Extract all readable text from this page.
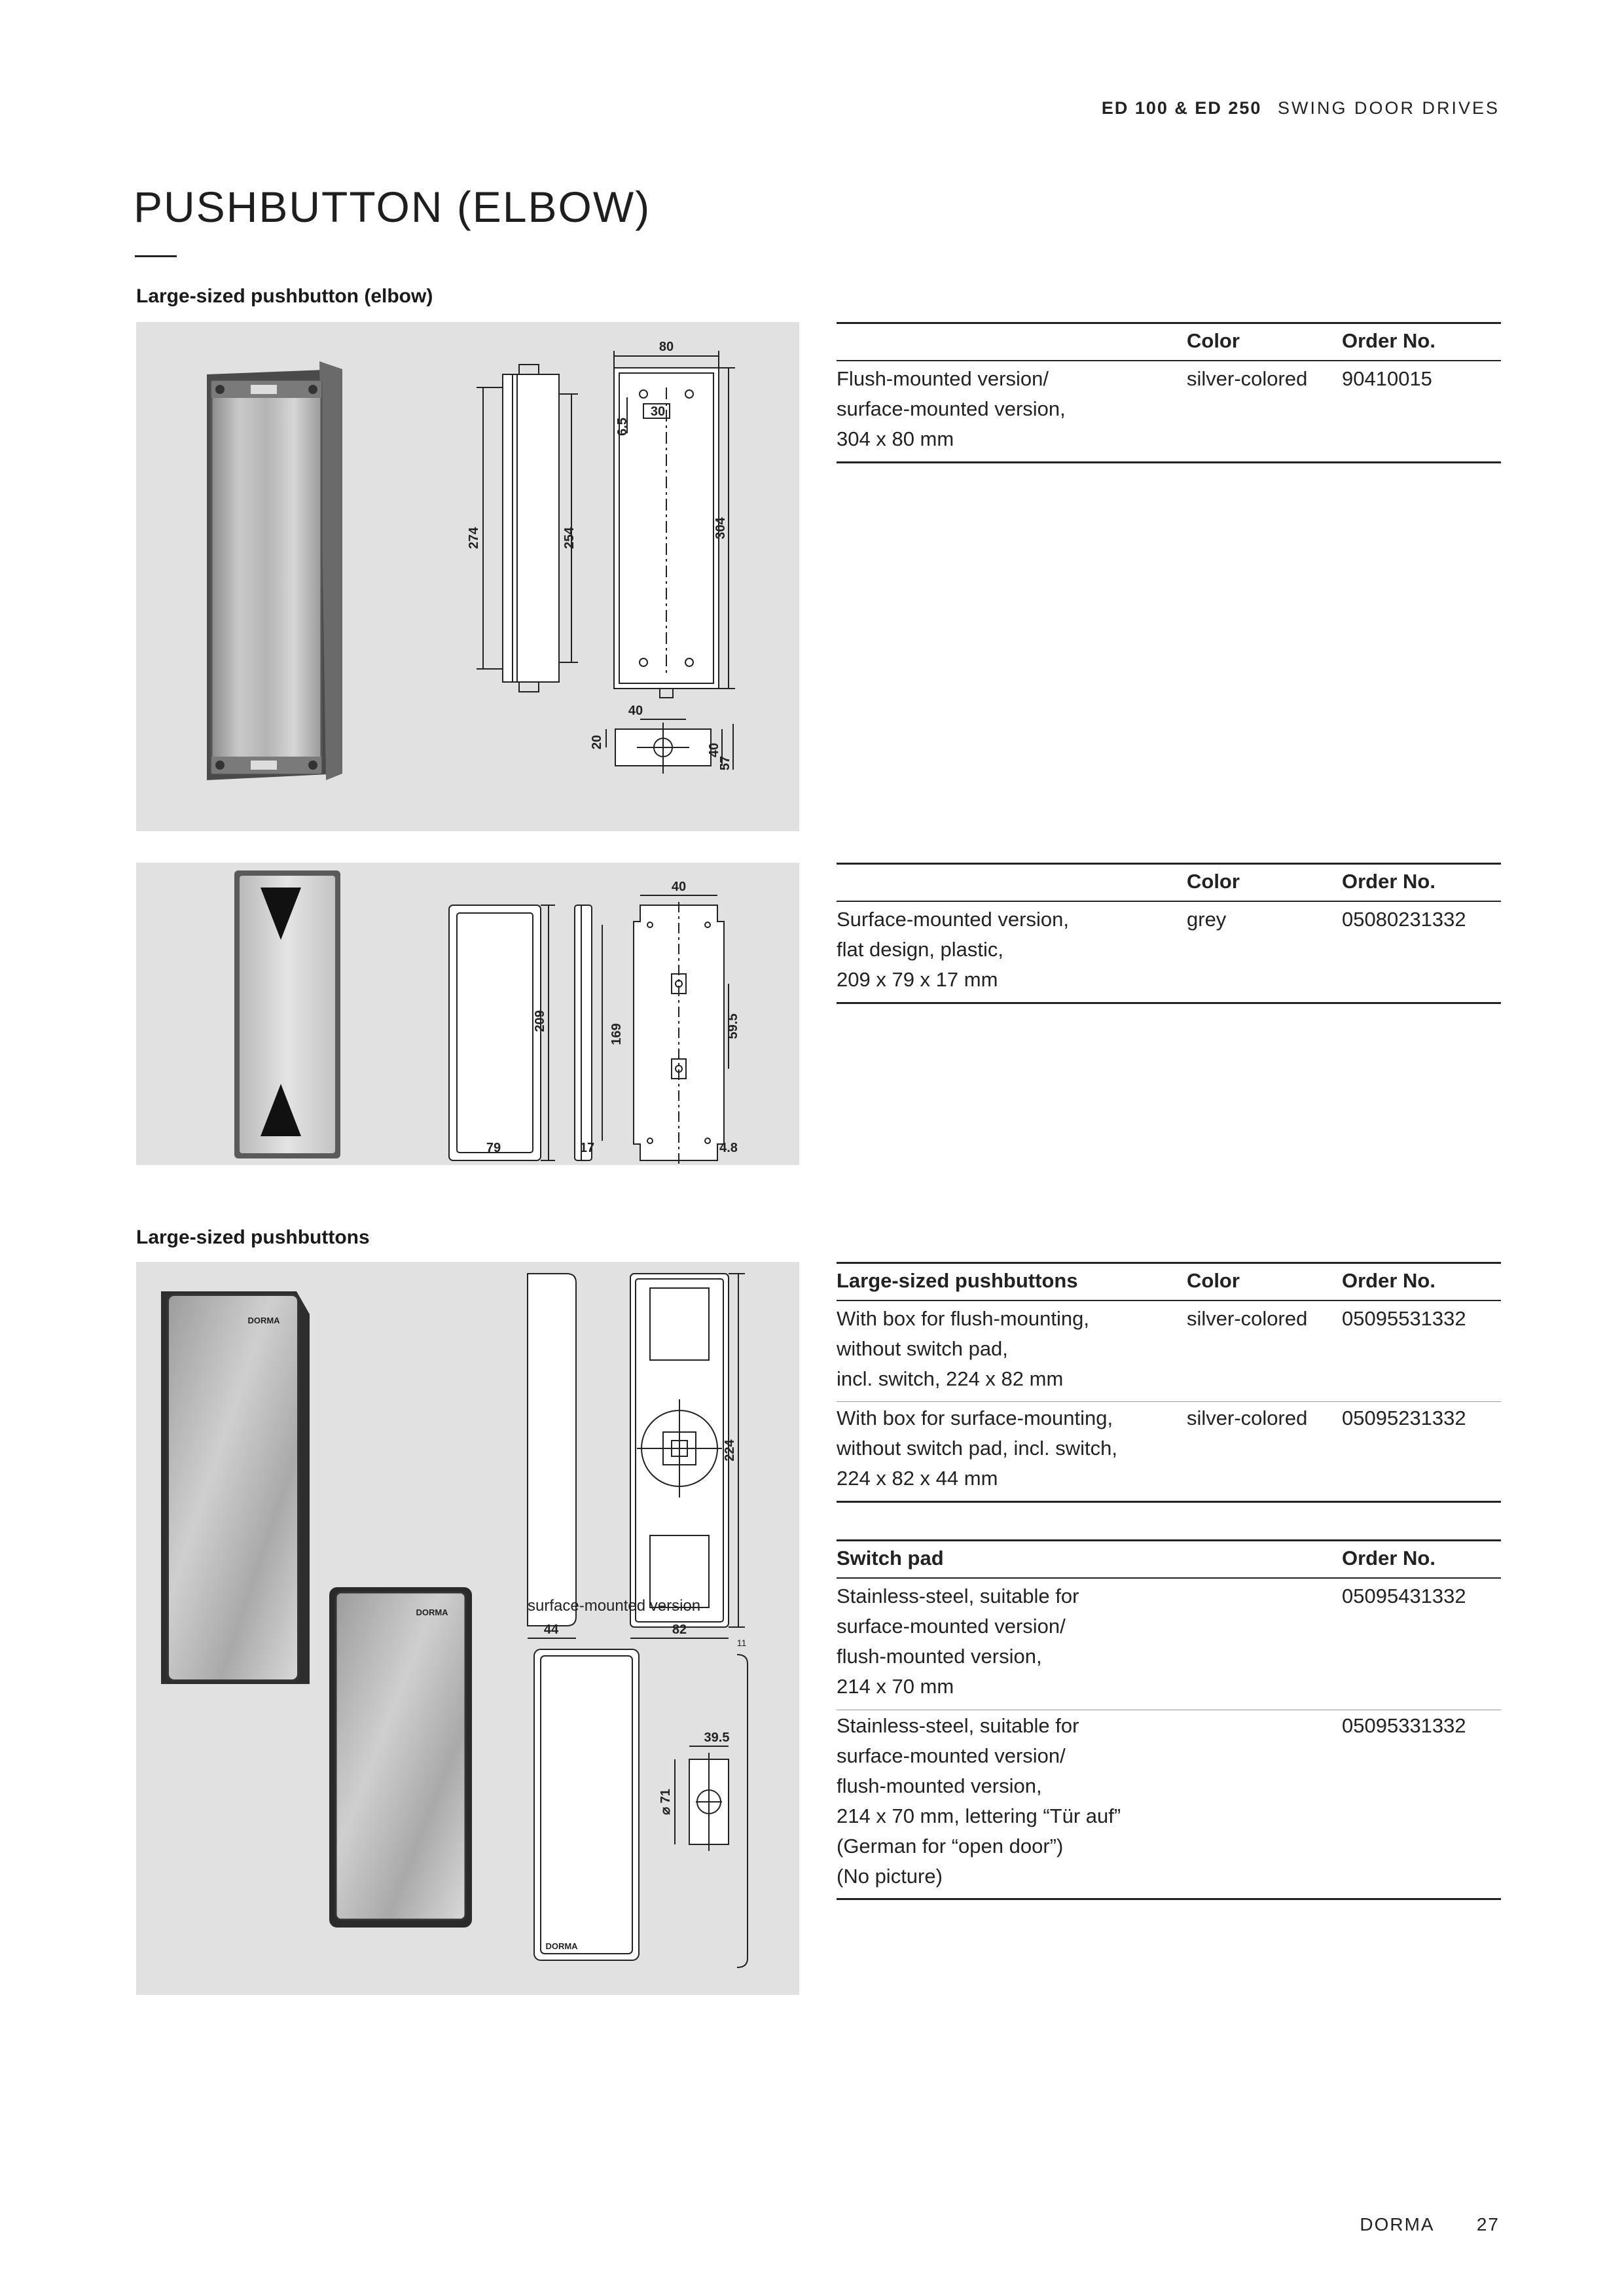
ED 100 & ED 250 SWING DOOR DRIVES
PUSHBUTTON (ELBOW)
Large-sized pushbutton (elbow)
274	254
80
30
6.5
304
40
20
40
57
Color	Order No.
Flush-mounted version/
surface-mounted version,
304 x 80 mm
silver-colored 90410015
79
209
17
169
40
59.5
4.8
Color	Order No.
Surface-mounted version,
flat design, plastic,
209 x 79 x 17 mm
grey	05080231332
Large-sized pushbuttons
DORMA
DORMA
44
224
82
surface-mounted version
DORMA
11
39.5
⌀ 71
Large-sized pushbuttons	Color	Order No.
With box for flush-mounting,
without switch pad,
incl. switch, 224 x 82 mm
silver-colored 05095531332
With box for surface-mounting,
without switch pad, incl. switch,
224 x 82 x 44 mm
silver-colored 05095231332
Switch pad	Order No.
Stainless-steel, suitable for
surface-mounted version/
flush-mounted version,
214 x 70 mm
05095431332
Stainless-steel, suitable for
surface-mounted version/
flush-mounted version,
214 x 70 mm, lettering “Tür auf”
(German for “open door”)
(No picture)
05095331332
DORMA 27
